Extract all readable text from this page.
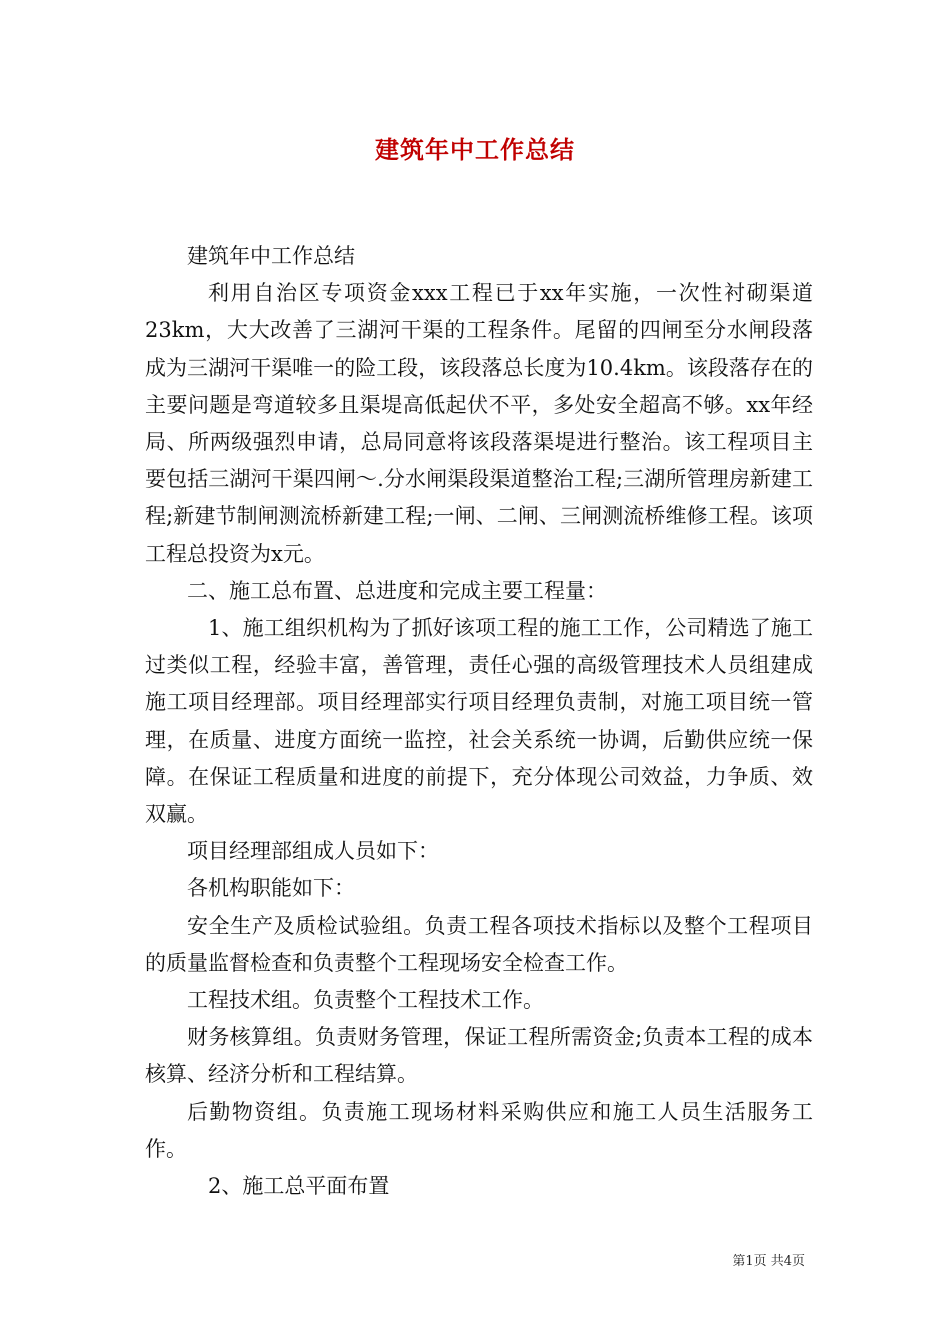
建筑年中工作总结

建筑年中工作总结

利用自治区专项资金xxx工程已于xx年实施，一次性衬砌渠道23km，大大改善了三湖河干渠的工程条件。尾留的四闸至分水闸段落成为三湖河干渠唯一的险工段，该段落总长度为10.4km。该段落存在的主要问题是弯道较多且渠堤高低起伏不平，多处安全超高不够。xx年经局、所两级强烈申请，总局同意将该段落渠堤进行整治。该工程项目主要包括三湖河干渠四闸～.分水闸渠段渠道整治工程;三湖所管理房新建工程;新建节制闸测流桥新建工程;一闸、二闸、三闸测流桥维修工程。该项工程总投资为x元。

二、施工总布置、总进度和完成主要工程量：

1、施工组织机构为了抓好该项工程的施工工作，公司精选了施工过类似工程，经验丰富，善管理，责任心强的高级管理技术人员组建成施工项目经理部。项目经理部实行项目经理负责制，对施工项目统一管理，在质量、进度方面统一监控，社会关系统一协调，后勤供应统一保障。在保证工程质量和进度的前提下，充分体现公司效益，力争质、效双赢。

项目经理部组成人员如下：

各机构职能如下：

安全生产及质检试验组。负责工程各项技术指标以及整个工程项目的质量监督检查和负责整个工程现场安全检查工作。

工程技术组。负责整个工程技术工作。

财务核算组。负责财务管理，保证工程所需资金;负责本工程的成本核算、经济分析和工程结算。

后勤物资组。负责施工现场材料采购供应和施工人员生活服务工作。

2、施工总平面布置

第1页 共4页
